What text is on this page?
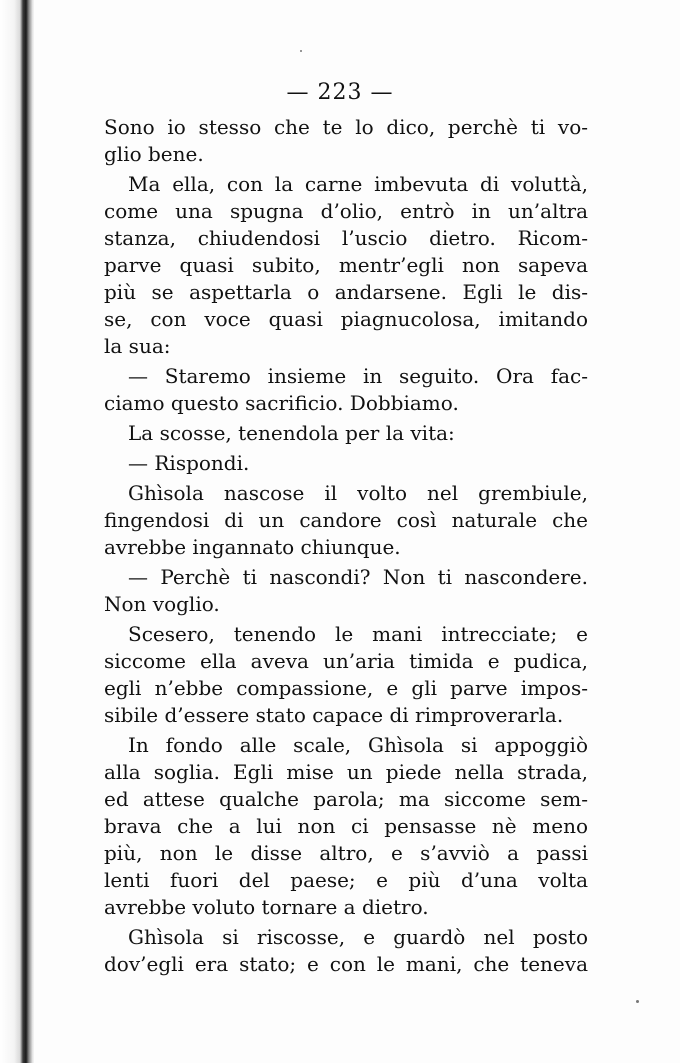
— 223 —
Sono io stesso che te lo dico, perchè ti vo-
glio bene.
Ma ella, con la carne imbevuta di voluttà,
come una spugna d’olio, entrò in un’altra
stanza, chiudendosi l’uscio dietro. Ricom-
parve quasi subito, mentr’egli non sapeva
più se aspettarla o andarsene. Egli le dis-
se, con voce quasi piagnucolosa, imitando
la sua:
— Staremo insieme in seguito. Ora fac-
ciamo questo sacrificio. Dobbiamo.
La scosse, tenendola per la vita:
— Rispondi.
Ghìsola nascose il volto nel grembiule,
fingendosi di un candore così naturale che
avrebbe ingannato chiunque.
— Perchè ti nascondi? Non ti nascondere.
Non voglio.
Scesero, tenendo le mani intrecciate; e
siccome ella aveva un’aria timida e pudica,
egli n’ebbe compassione, e gli parve impos-
sibile d’essere stato capace di rimproverarla.
In fondo alle scale, Ghìsola si appoggiò
alla soglia. Egli mise un piede nella strada,
ed attese qualche parola; ma siccome sem-
brava che a lui non ci pensasse nè meno
più, non le disse altro, e s’avviò a passi
lenti fuori del paese; e più d’una volta
avrebbe voluto tornare a dietro.
Ghìsola si riscosse, e guardò nel posto
dov’egli era stato; e con le mani, che teneva
